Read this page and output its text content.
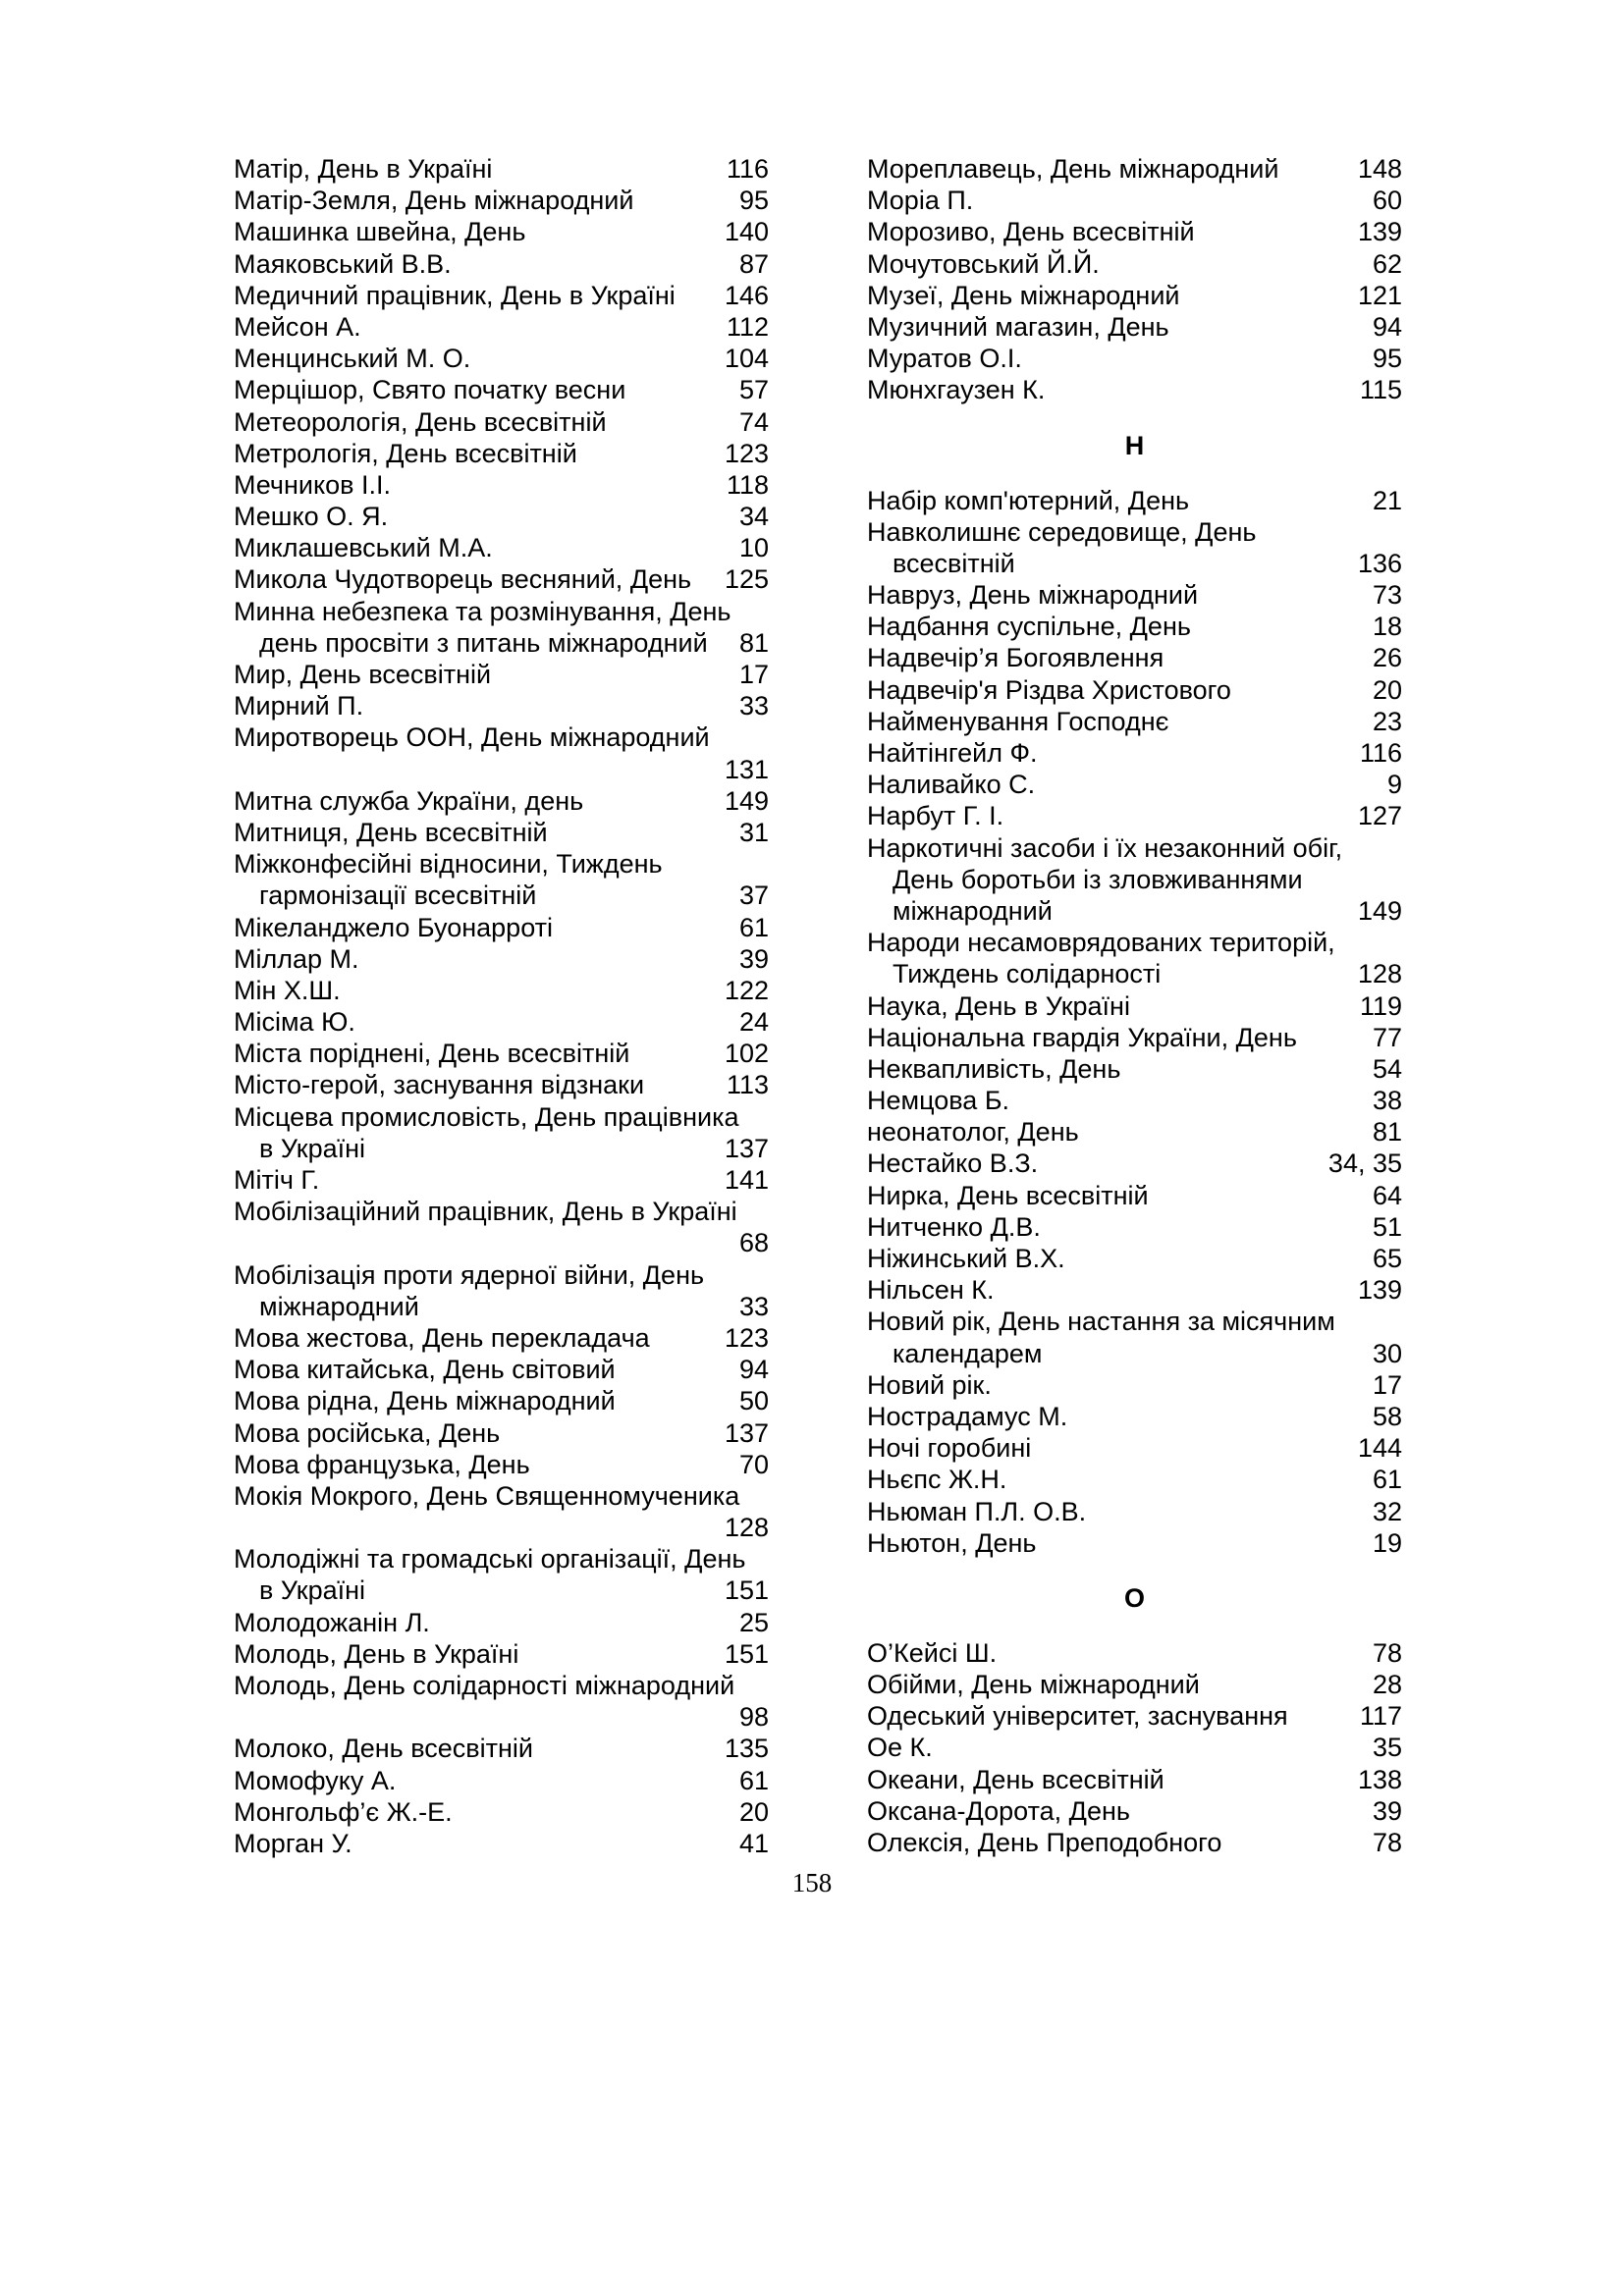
Матір, День в Україні	116
Матір-Земля, День міжнародний	95
Машинка швейна, День	140
Маяковський В.В.	87
Медичний працівник, День в Україні 146
Мейсон А.	112
Менцинський М. О.	104
Мерцішор, Свято початку весни	57
Метеорологія, День всесвітній	74
Метрологія, День всесвітній	123
Мечников І.І.	118
Мешко О. Я.	34
Миклашевський М.А.	10
Микола Чудотворець весняний, День 125
Минна небезпека та розмінування, День
день просвіти з питань міжнародний 81
Мир, День всесвітній	17
Мирний П.	33
Миротворець ООН, День міжнародний
131
Митна служба України, день	149
Митниця, День всесвітній	31
Міжконфесійні відносини, Тиждень
гармонізації всесвітній	37
Мікеланджело Буонарроті	61
Міллар М.	39
Мін Х.Ш.	122
Місіма Ю.	24
Міста поріднені, День всесвітній	102
Місто-герой, заснування відзнаки	113
Місцева промисловість, День працівника
в Україні	137
Мітіч Г.	141
Мобілізаційний працівник, День в Україні
68
Мобілізація проти ядерної війни, День
міжнародний	33
Мова жестова, День перекладача	123
Мова китайська, День світовий	94
Мова рідна, День міжнародний	50
Мова російська, День	137
Мова французька, День	70
Мокія Мокрого, День Священномученика
128
Молодіжні та громадські організації, День
в Україні	151
Молодожанін Л.	25
Молодь, День в Україні	151
Молодь, День солідарності міжнародний
98
Молоко, День всесвітній	135
Момофуку А.	61
Монгольф’є Ж.-Е.	20
Морган У.	41
Мореплавець, День міжнародний	148
Моріа П.	60
Морозиво, День всесвітній	139
Мочутовський Й.Й.	62
Музеї, День міжнародний	121
Музичний магазин, День	94
Муратов О.І.	95
Мюнхгаузен К.	115
Н
Набір комп'ютерний, День	21
Навколишнє середовище, День
всесвітній	136
Навруз, День міжнародний	73
Надбання суспільне, День	18
Надвечір’я Богоявлення	26
Надвечір'я Різдва Христового	20
Найменування Господнє	23
Найтінгейл Ф.	116
Наливайко С.	9
Нарбут Г. І.	127
Наркотичні засоби і їх незаконний обіг,
День боротьби із зловживаннями
міжнародний	149
Народи несамоврядованих територій,
Тиждень солідарності	128
Наука, День в Україні	119
Національна гвардія України, День	77
Неквапливість, День	54
Немцова Б.	38
неонатолог, День	81
Нестайко В.З.	34, 35
Нирка, День всесвітній	64
Нитченко Д.В.	51
Ніжинський В.Х.	65
Нільсен К.	139
Новий рік, День настання за місячним
календарем	30
Новий рік.	17
Нострадамус М.	58
Ночі горобині	144
Ньєпс Ж.Н.	61
Ньюман П.Л. О.В.	32
Ньютон, День	19
О
О’Кейсі Ш.	78
Обійми, День міжнародний	28
Одеський університет, заснування	117
Ое К.	35
Океани, День всесвітній	138
Оксана-Дорота, День	39
Олексія, День Преподобного	78
158
